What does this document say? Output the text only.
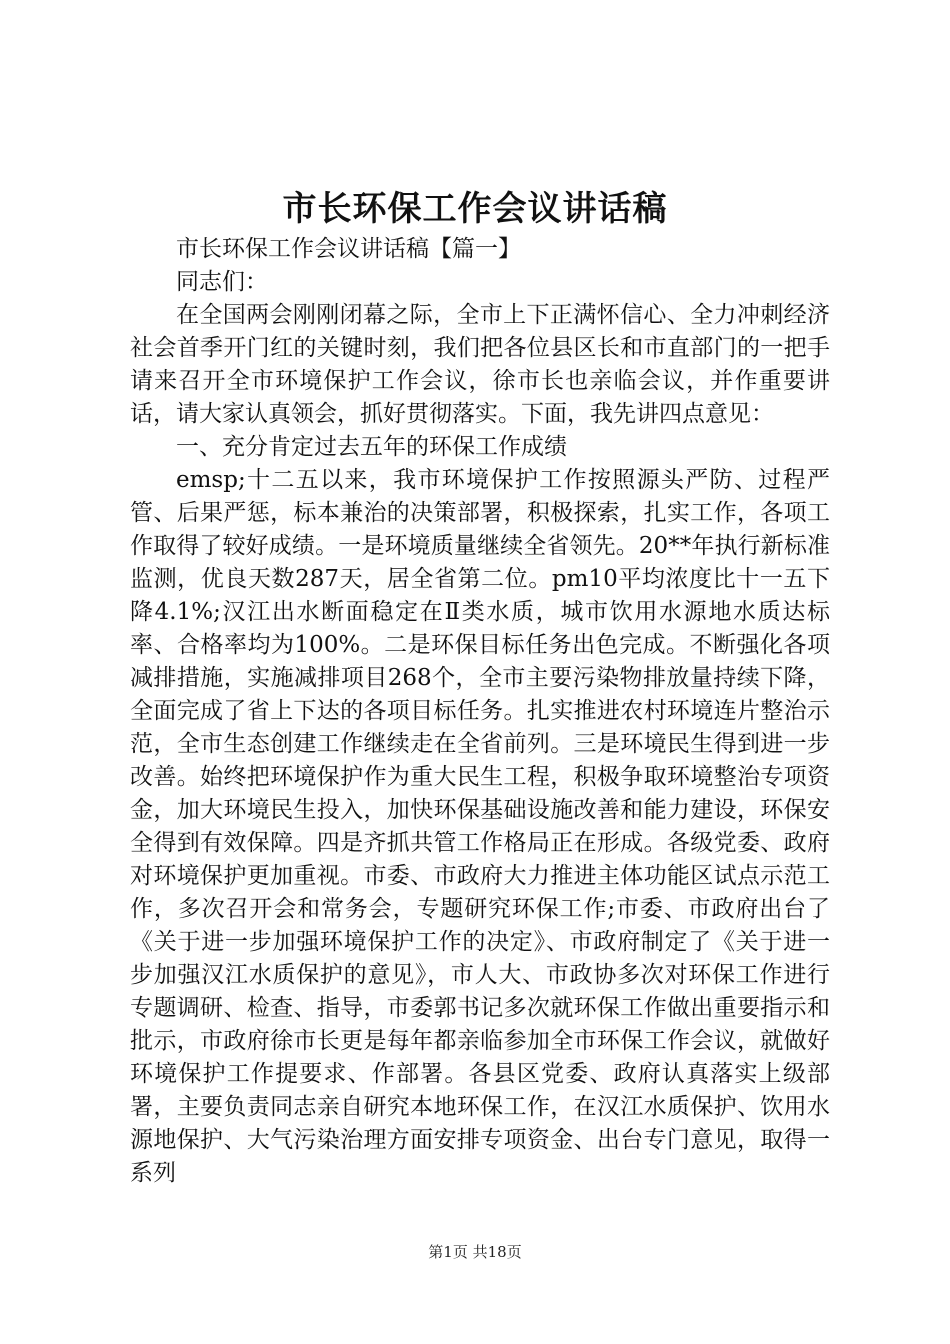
市长环保工作会议讲话稿

市长环保工作会议讲话稿【篇一】

同志们：

在全国两会刚刚闭幕之际，全市上下正满怀信心、全力冲刺经济社会首季开门红的关键时刻，我们把各位县区长和市直部门的一把手请来召开全市环境保护工作会议，徐市长也亲临会议，并作重要讲话，请大家认真领会，抓好贯彻落实。下面，我先讲四点意见：

一、充分肯定过去五年的环保工作成绩

emsp;十二五以来，我市环境保护工作按照源头严防、过程严管、后果严惩，标本兼治的决策部署，积极探索，扎实工作，各项工作取得了较好成绩。一是环境质量继续全省领先。20**年执行新标准监测，优良天数287天，居全省第二位。pm10平均浓度比十一五下降4.1%;汉江出水断面稳定在Ⅱ类水质，城市饮用水源地水质达标率、合格率均为100%。二是环保目标任务出色完成。不断强化各项减排措施，实施减排项目268个，全市主要污染物排放量持续下降，全面完成了省上下达的各项目标任务。扎实推进农村环境连片整治示范，全市生态创建工作继续走在全省前列。三是环境民生得到进一步改善。始终把环境保护作为重大民生工程，积极争取环境整治专项资金，加大环境民生投入，加快环保基础设施改善和能力建设，环保安全得到有效保障。四是齐抓共管工作格局正在形成。各级党委、政府对环境保护更加重视。市委、市政府大力推进主体功能区试点示范工作，多次召开会和常务会，专题研究环保工作;市委、市政府出台了《关于进一步加强环境保护工作的决定》、市政府制定了《关于进一步加强汉江水质保护的意见》，市人大、市政协多次对环保工作进行专题调研、检查、指导，市委郭书记多次就环保工作做出重要指示和批示，市政府徐市长更是每年都亲临参加全市环保工作会议，就做好环境保护工作提要求、作部署。各县区党委、政府认真落实上级部署，主要负责同志亲自研究本地环保工作，在汉江水质保护、饮用水源地保护、大气污染治理方面安排专项资金、出台专门意见，取得一系列

第1页 共18页
